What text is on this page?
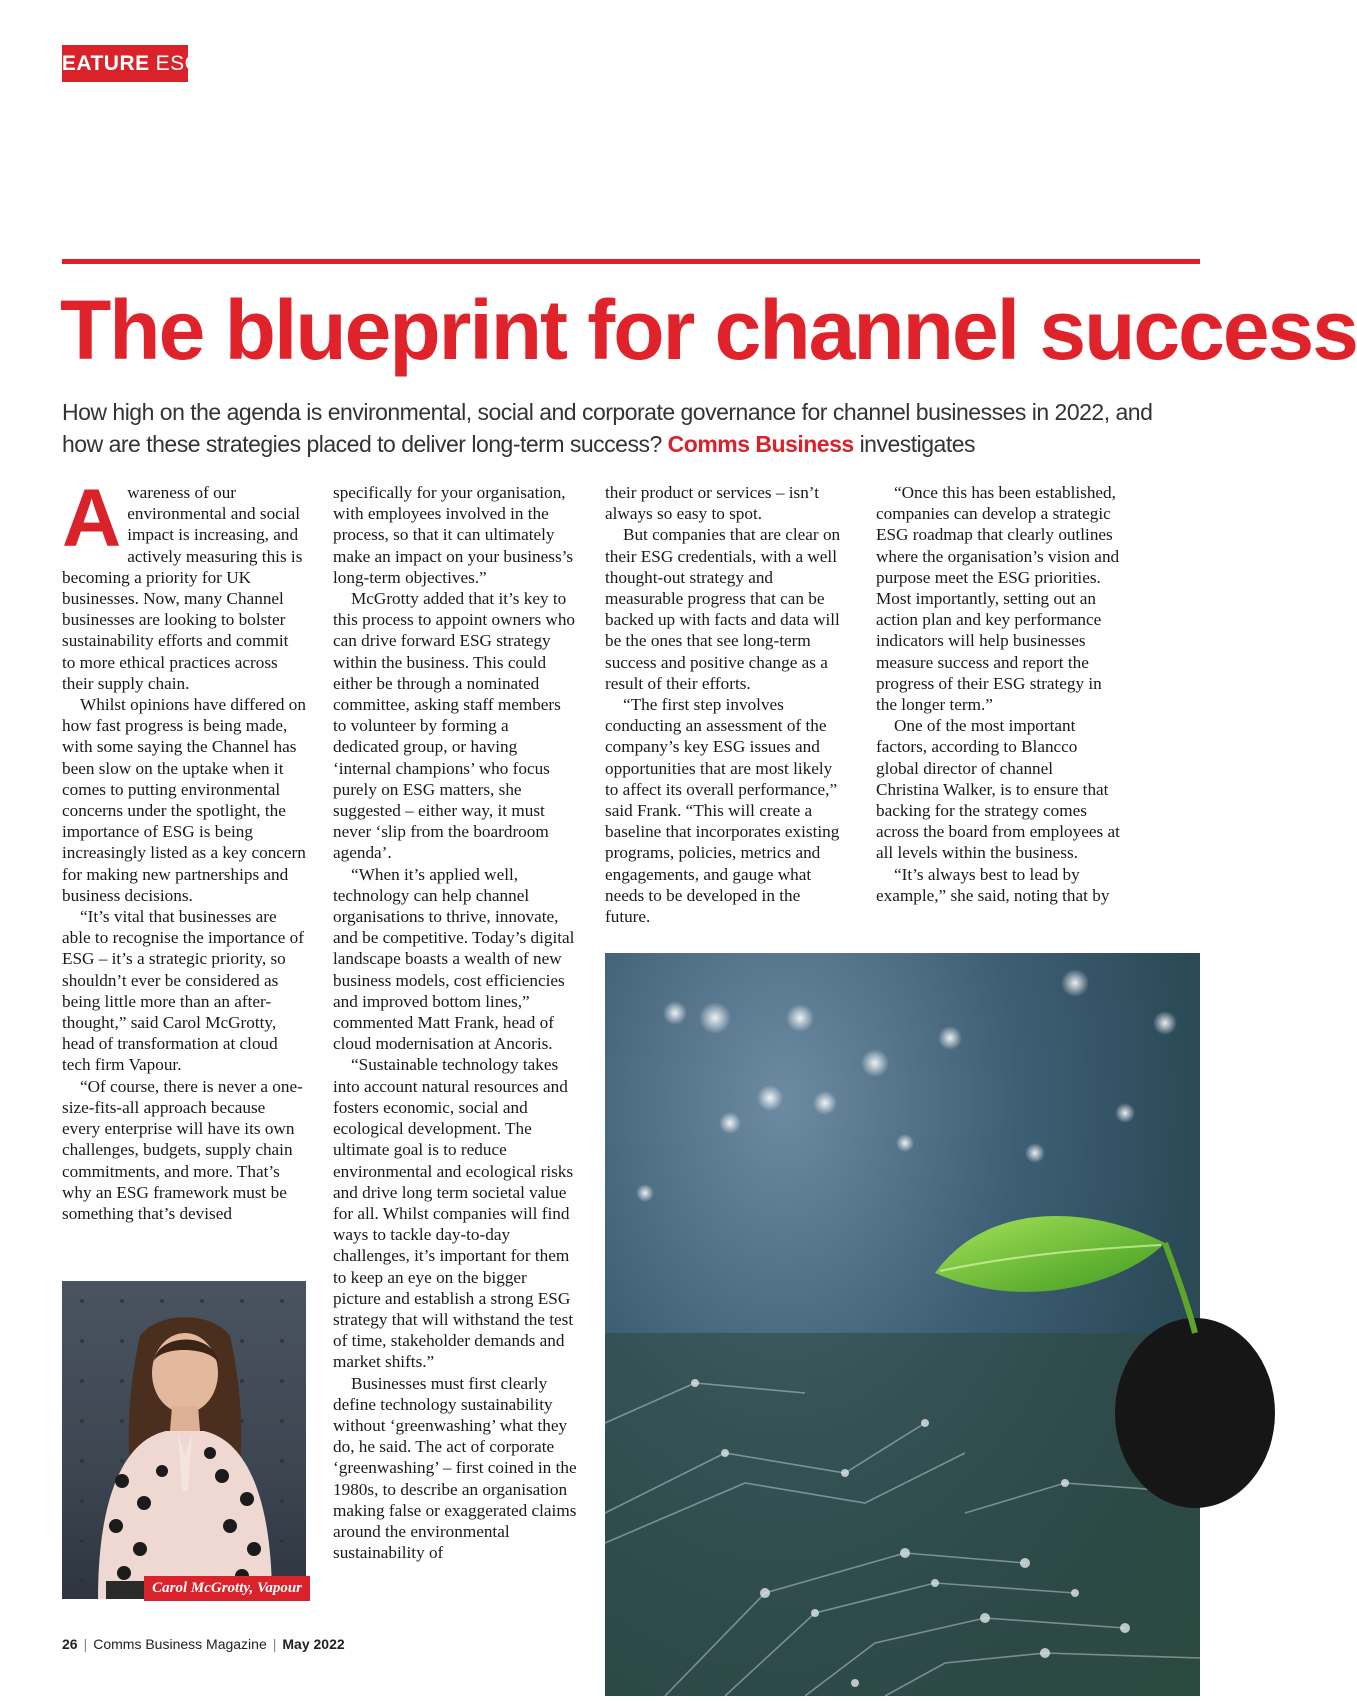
FEATURE ESG
The blueprint for channel success
How high on the agenda is environmental, social and corporate governance for channel businesses in 2022, and how are these strategies placed to deliver long-term success? Comms Business investigates

Awareness of our environmental and social impact is increasing, and actively measuring this is becoming a priority for UK businesses. Now, many Channel businesses are looking to bolster sustainability efforts and commit to more ethical practices across their supply chain.

Whilst opinions have differed on how fast progress is being made, with some saying the Channel has been slow on the uptake when it comes to putting environmental concerns under the spotlight, the importance of ESG is being increasingly listed as a key concern for making new partnerships and business decisions.

“It’s vital that businesses are able to recognise the importance of ESG – it’s a strategic priority, so shouldn’t ever be considered as being little more than an after-thought,” said Carol McGrotty, head of transformation at cloud tech firm Vapour.

“Of course, there is never a one-size-fits-all approach because every enterprise will have its own challenges, budgets, supply chain commitments, and more. That’s why an ESG framework must be something that’s devised

specifically for your organisation, with employees involved in the process, so that it can ultimately make an impact on your business’s long-term objectives.”

McGrotty added that it’s key to this process to appoint owners who can drive forward ESG strategy within the business. This could either be through a nominated committee, asking staff members to volunteer by forming a dedicated group, or having ‘internal champions’ who focus purely on ESG matters, she suggested – either way, it must never ‘slip from the boardroom agenda’.

“When it’s applied well, technology can help channel organisations to thrive, innovate, and be competitive. Today’s digital landscape boasts a wealth of new business models, cost efficiencies and improved bottom lines,” commented Matt Frank, head of cloud modernisation at Ancoris.

“Sustainable technology takes into account natural resources and fosters economic, social and ecological development. The ultimate goal is to reduce environmental and ecological risks and drive long term societal value for all. Whilst companies will find ways to tackle day-to-day challenges, it’s important for them to keep an eye on the bigger picture and establish a strong ESG strategy that will withstand the test of time, stakeholder demands and market shifts.”

Businesses must first clearly define technology sustainability without ‘greenwashing’ what they do, he said. The act of corporate ‘greenwashing’ – first coined in the 1980s, to describe an organisation making false or exaggerated claims around the environmental sustainability of

their product or services – isn’t always so easy to spot.

But companies that are clear on their ESG credentials, with a well thought-out strategy and measurable progress that can be backed up with facts and data will be the ones that see long-term success and positive change as a result of their efforts.

“The first step involves conducting an assessment of the company’s key ESG issues and opportunities that are most likely to affect its overall performance,” said Frank. “This will create a baseline that incorporates existing programs, policies, metrics and engagements, and gauge what needs to be developed in the future.

“Once this has been established, companies can develop a strategic ESG roadmap that clearly outlines where the organisation’s vision and purpose meet the ESG priorities. Most importantly, setting out an action plan and key performance indicators will help businesses measure success and report the progress of their ESG strategy in the longer term.”

One of the most important factors, according to Blancco global director of channel Christina Walker, is to ensure that backing for the strategy comes across the board from employees at all levels within the business.

“It’s always best to lead by example,” she said, noting that by

Carol McGrotty, Vapour
26 | Comms Business Magazine | May 2022
